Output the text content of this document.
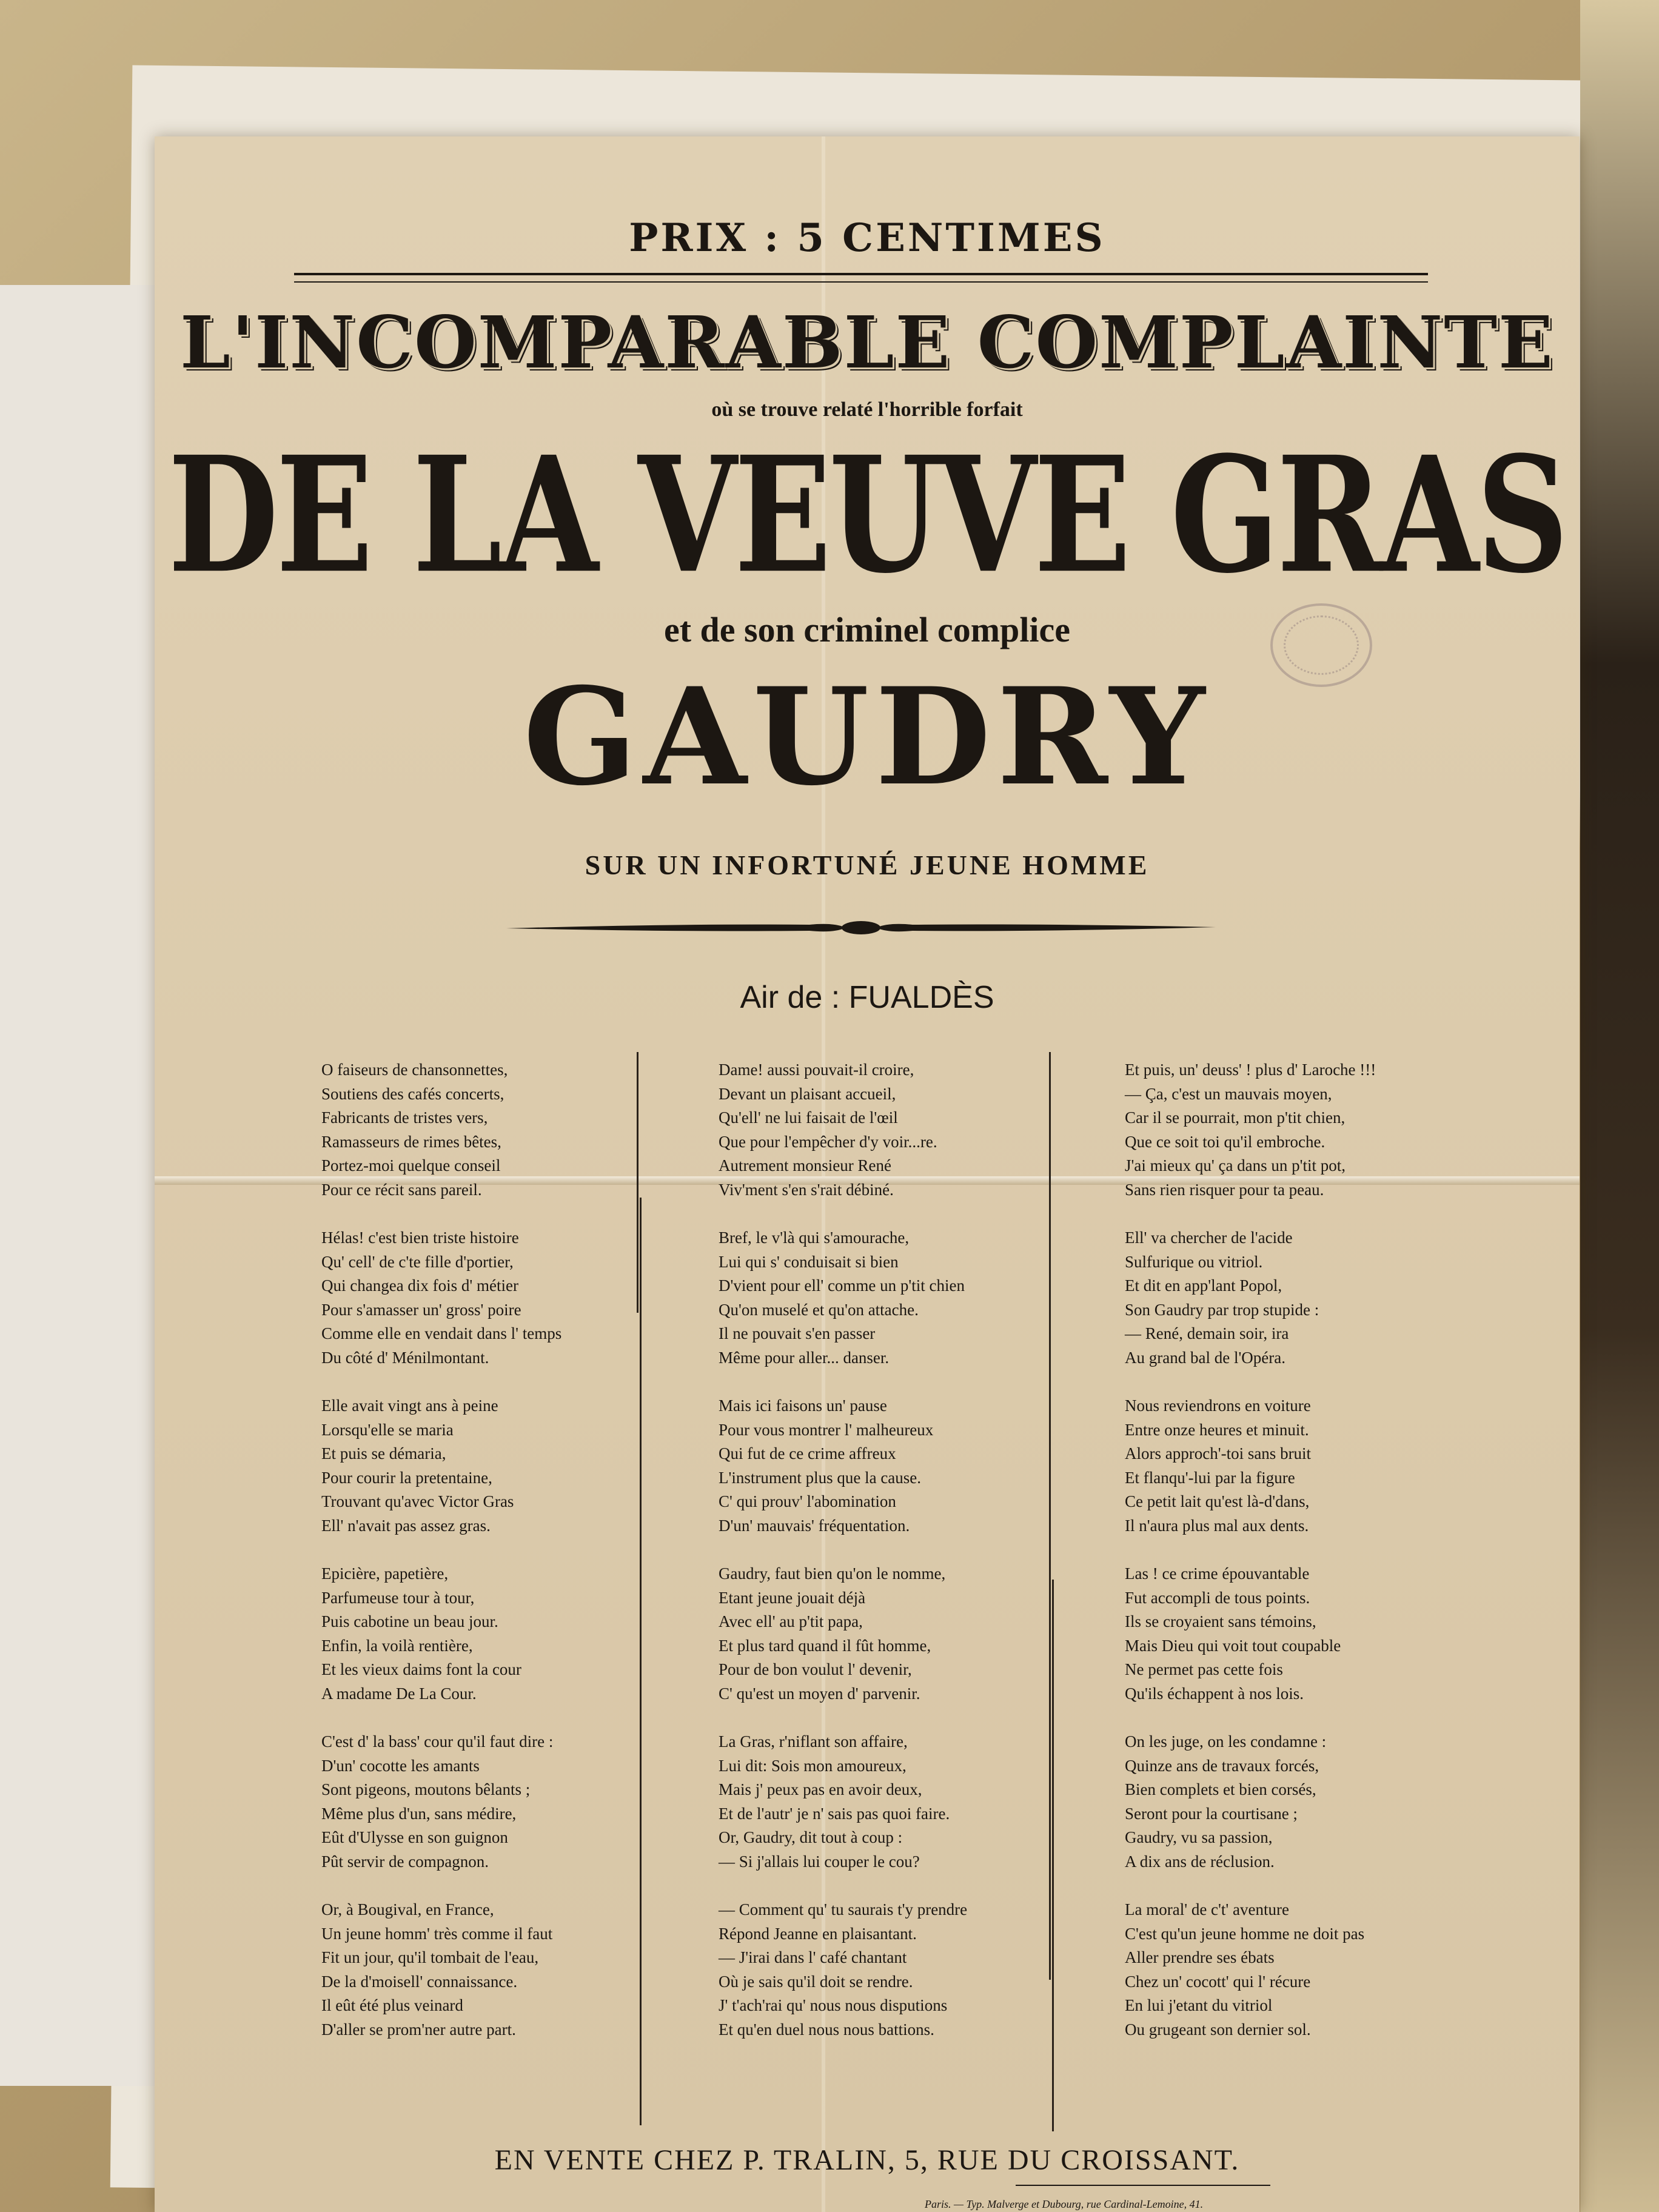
PRIX : 5 CENTIMES
L'INCOMPARABLE COMPLAINTE
où se trouve relaté l'horrible forfait
DE LA VEUVE GRAS
et de son criminel complice
GAUDRY
SUR UN INFORTUNÉ JEUNE HOMME
Air de : FUALDÈS
O faiseurs de chansonnettes,
Soutiens des cafés concerts,
Fabricants de tristes vers,
Ramasseurs de rimes bêtes,
Portez-moi quelque conseil
Pour ce récit sans pareil.
Hélas! c'est bien triste histoire
Qu' cell' de c'te fille d'portier,
Qui changea dix fois d' métier
Pour s'amasser un' gross' poire
Comme elle en vendait dans l' temps
Du côté d' Ménilmontant.
Elle avait vingt ans à peine
Lorsqu'elle se maria
Et puis se démaria,
Pour courir la pretentaine,
Trouvant qu'avec Victor Gras
Ell' n'avait pas assez gras.
Epicière, papetière,
Parfumeuse tour à tour,
Puis cabotine un beau jour.
Enfin, la voilà rentière,
Et les vieux daims font la cour
A madame De La Cour.
C'est d' la bass' cour qu'il faut dire :
D'un' cocotte les amants
Sont pigeons, moutons bêlants ;
Même plus d'un, sans médire,
Eût d'Ulysse en son guignon
Pût servir de compagnon.
Or, à Bougival, en France,
Un jeune homm' très comme il faut
Fit un jour, qu'il tombait de l'eau,
De la d'moisell' connaissance.
Il eût été plus veinard
D'aller se prom'ner autre part.
Dame! aussi pouvait-il croire,
Devant un plaisant accueil,
Qu'ell' ne lui faisait de l'œil
Que pour l'empêcher d'y voir...re.
Autrement monsieur René
Viv'ment s'en s'rait débiné.
Bref, le v'là qui s'amourache,
Lui qui s' conduisait si bien
D'vient pour ell' comme un p'tit chien
Qu'on muselé et qu'on attache.
Il ne pouvait s'en passer
Même pour aller... danser.
Mais ici faisons un' pause
Pour vous montrer l' malheureux
Qui fut de ce crime affreux
L'instrument plus que la cause.
C' qui prouv' l'abomination
D'un' mauvais' fréquentation.
Gaudry, faut bien qu'on le nomme,
Etant jeune jouait déjà
Avec ell' au p'tit papa,
Et plus tard quand il fût homme,
Pour de bon voulut l' devenir,
C' qu'est un moyen d' parvenir.
La Gras, r'niflant son affaire,
Lui dit: Sois mon amoureux,
Mais j' peux pas en avoir deux,
Et de l'autr' je n' sais pas quoi faire.
Or, Gaudry, dit tout à coup :
— Si j'allais lui couper le cou?
— Comment qu' tu saurais t'y prendre
Répond Jeanne en plaisantant.
— J'irai dans l' café chantant
Où je sais qu'il doit se rendre.
J' t'ach'rai qu' nous nous disputions
Et qu'en duel nous nous battions.
Et puis, un' deuss' ! plus d' Laroche !!!
— Ça, c'est un mauvais moyen,
Car il se pourrait, mon p'tit chien,
Que ce soit toi qu'il embroche.
J'ai mieux qu' ça dans un p'tit pot,
Sans rien risquer pour ta peau.
Ell' va chercher de l'acide
Sulfurique ou vitriol.
Et dit en app'lant Popol,
Son Gaudry par trop stupide :
— René, demain soir, ira
Au grand bal de l'Opéra.
Nous reviendrons en voiture
Entre onze heures et minuit.
Alors approch'-toi sans bruit
Et flanqu'-lui par la figure
Ce petit lait qu'est là-d'dans,
Il n'aura plus mal aux dents.
Las ! ce crime épouvantable
Fut accompli de tous points.
Ils se croyaient sans témoins,
Mais Dieu qui voit tout coupable
Ne permet pas cette fois
Qu'ils échappent à nos lois.
On les juge, on les condamne :
Quinze ans de travaux forcés,
Bien complets et bien corsés,
Seront pour la courtisane ;
Gaudry, vu sa passion,
A dix ans de réclusion.
La moral' de c't' aventure
C'est qu'un jeune homme ne doit pas
Aller prendre ses ébats
Chez un' cocott' qui l' récure
En lui j'etant du vitriol
Ou grugeant son dernier sol.
EN VENTE CHEZ P. TRALIN, 5, RUE DU CROISSANT.
Paris. — Typ. Malverge et Dubourg, rue Cardinal-Lemoine, 41.
